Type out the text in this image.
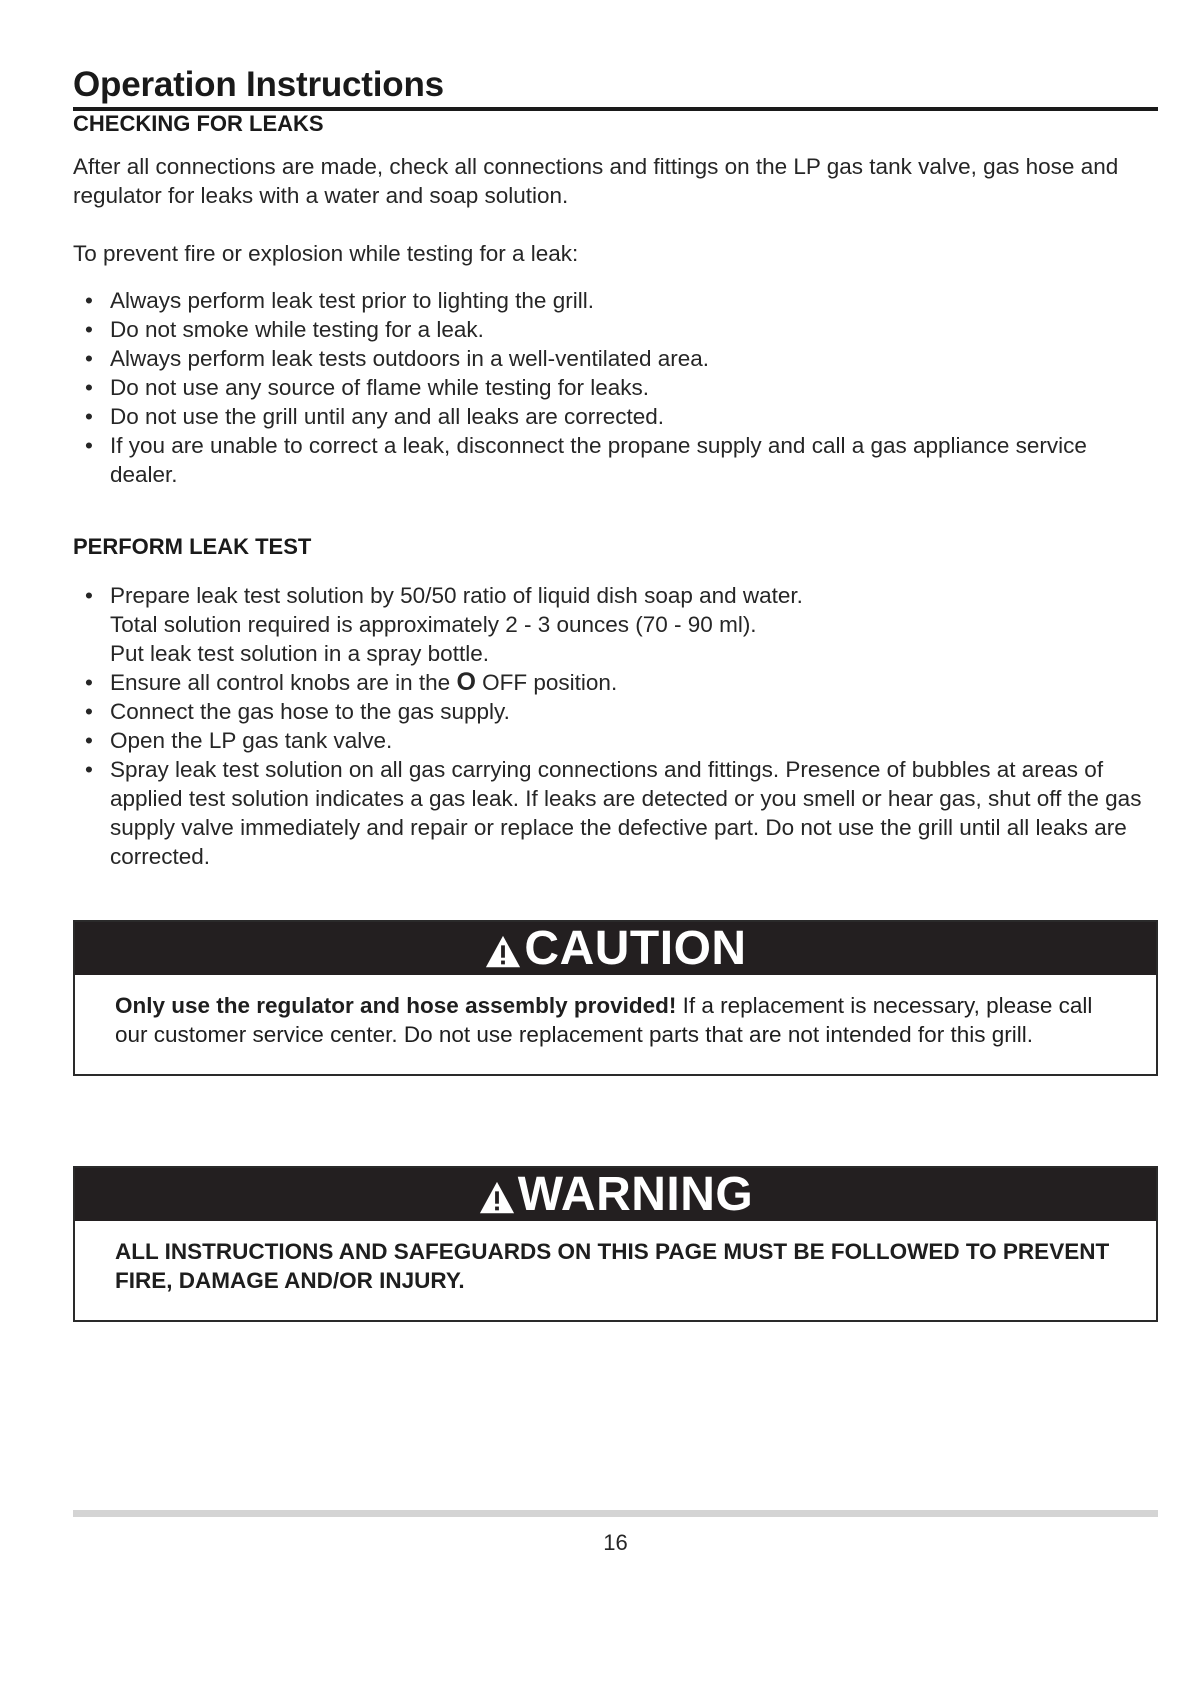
Operation Instructions
CHECKING FOR LEAKS

After all connections are made, check all connections and fittings on the LP gas tank valve, gas hose and regulator for leaks with a water and soap solution.

To prevent fire or explosion while testing for a leak:

• Always perform leak test prior to lighting the grill.
• Do not smoke while testing for a leak.
• Always perform leak tests outdoors in a well-ventilated area.
• Do not use any source of flame while testing for leaks.
• Do not use the grill until any and all leaks are corrected.
• If you are unable to correct a leak, disconnect the propane supply and call a gas appliance service dealer.
PERFORM LEAK TEST
• Prepare leak test solution by 50/50 ratio of liquid dish soap and water.
Total solution required is approximately 2 - 3 ounces (70 - 90 ml).
Put leak test solution in a spray bottle.
• Ensure all control knobs are in the O OFF position.
• Connect the gas hose to the gas supply.
• Open the LP gas tank valve.
• Spray leak test solution on all gas carrying connections and fittings. Presence of bubbles at areas of applied test solution indicates a gas leak. If leaks are detected or you smell or hear gas, shut off the gas supply valve immediately and repair or replace the defective part. Do not use the grill until all leaks are corrected.
CAUTION
Only use the regulator and hose assembly provided! If a replacement is necessary, please call our customer service center. Do not use replacement parts that are not intended for this grill.
WARNING
ALL INSTRUCTIONS AND SAFEGUARDS ON THIS PAGE MUST BE FOLLOWED TO PREVENT FIRE, DAMAGE AND/OR INJURY.
16
